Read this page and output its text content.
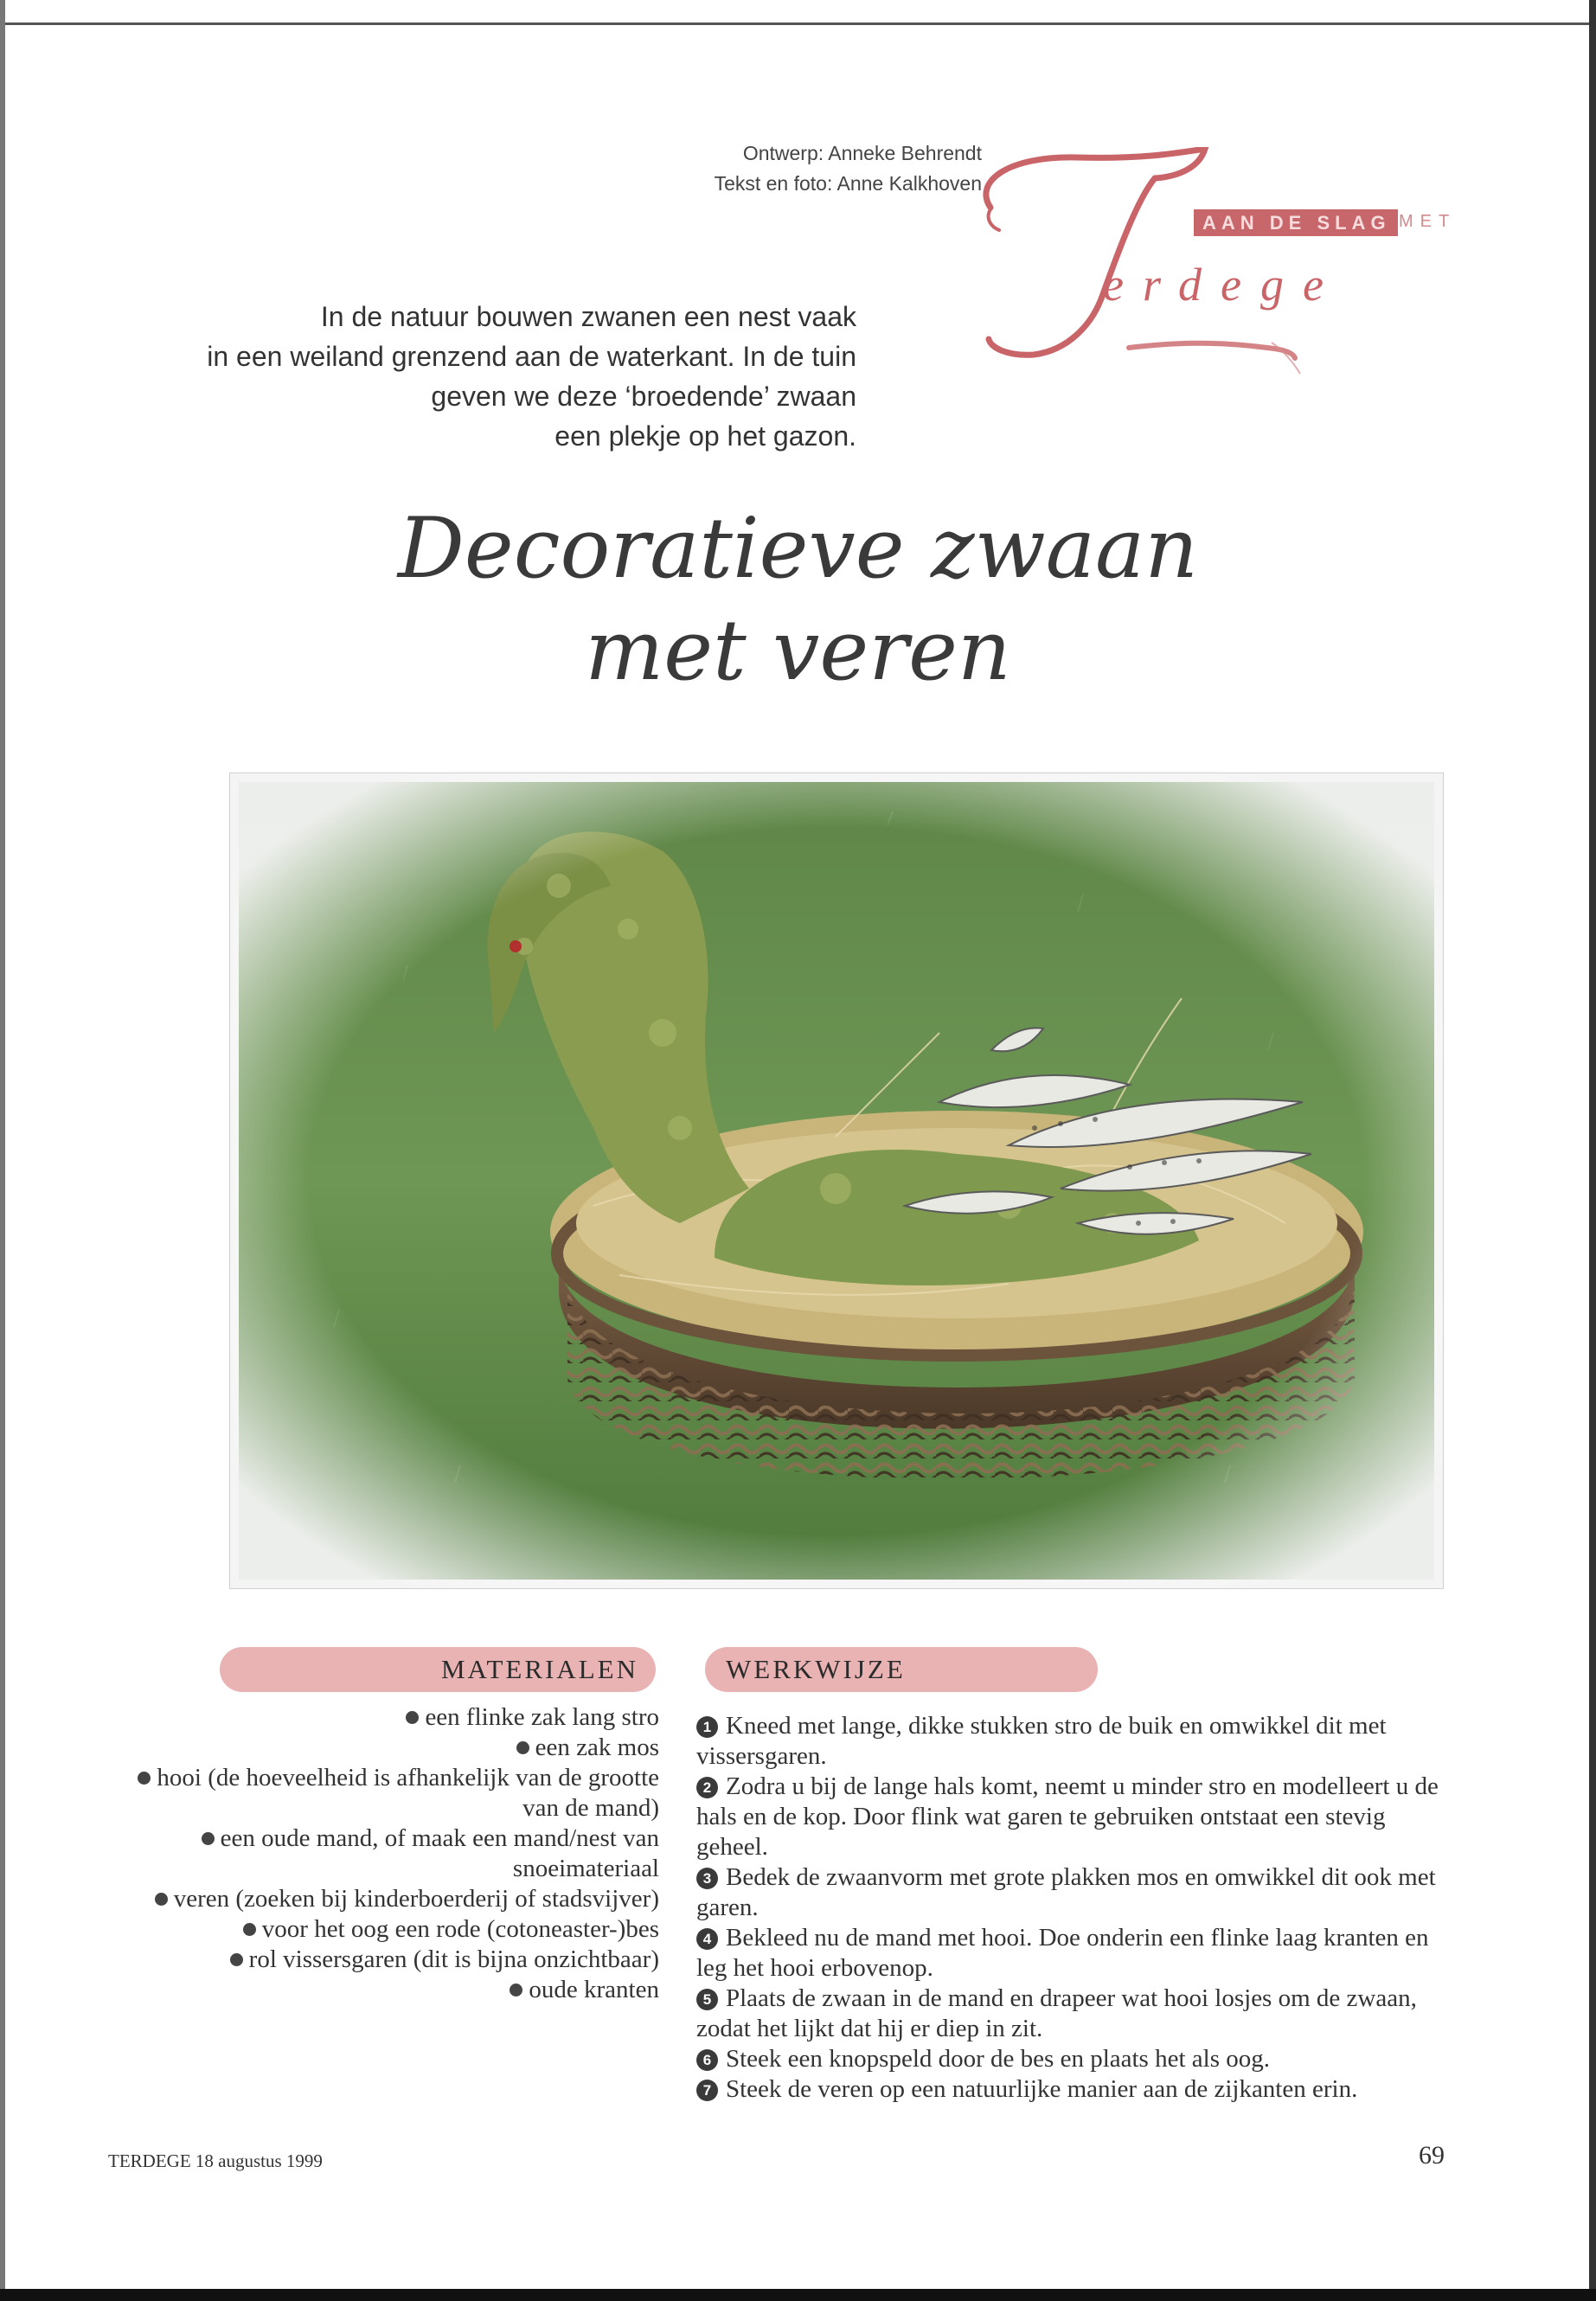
Ontwerp: Anneke Behrendt
Tekst en foto: Anne Kalkhoven
AAN DE SLAG MET
erdege
In de natuur bouwen zwanen een nest vaak
in een weiland grenzend aan de waterkant. In de tuin
geven we deze ‘broedende’ zwaan
een plekje op het gazon.
Decoratieve zwaan
met veren
MATERIALEN	WERKWIJZE

een flinke zak lang stro

een zak mos

hooi (de hoeveelheid is afhankelijk van de grootte van de mand)

een oude mand, of maak een mand/nest van snoeimateriaal

veren (zoeken bij kinderboerderij of stadsvijver)

voor het oog een rode (cotoneaster-)bes

rol vissersgaren (dit is bijna onzichtbaar)

oude kranten

1 Kneed met lange, dikke stukken stro de buik en omwikkel dit met vissersgaren.

2 Zodra u bij de lange hals komt, neemt u minder stro en modelleert u de hals en de kop. Door flink wat garen te gebruiken ontstaat een stevig geheel.

3 Bedek de zwaanvorm met grote plakken mos en omwikkel dit ook met garen.

4 Bekleed nu de mand met hooi. Doe onderin een flinke laag kranten en leg het hooi erbovenop.

5 Plaats de zwaan in de mand en drapeer wat hooi losjes om de zwaan, zodat het lijkt dat hij er diep in zit.

6 Steek een knopspeld door de bes en plaats het als oog.

7 Steek de veren op een natuurlijke manier aan de zijkanten erin.

TERDEGE 18 augustus 1999	69
